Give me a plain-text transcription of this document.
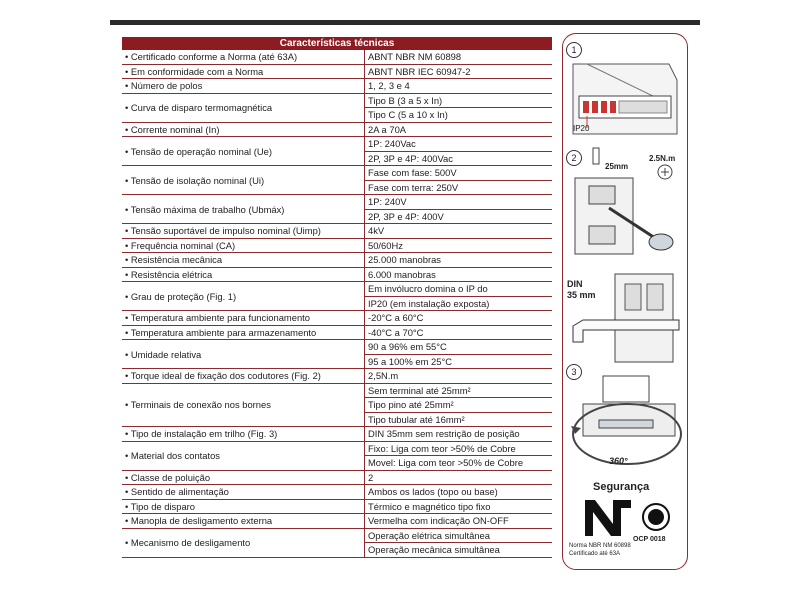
Características técnicas	
• Certificado conforme a Norma (até 63A)	ABNT NBR NM 60898
• Em conformidade com a Norma	ABNT NBR IEC 60947-2
• Número de polos	1, 2, 3 e 4
• Curva de disparo termomagnética	Tipo B (3 a 5 x In)
	Tipo C (5 a 10 x In)
• Corrente nominal (In)	2A a 70A
• Tensão de operação nominal (Ue)	1P: 240Vac
	2P, 3P e 4P: 400Vac
• Tensão de isolação nominal (Ui)	Fase com fase: 500V
	Fase com terra: 250V
• Tensão máxima de trabalho (Ubmáx)	1P: 240V
	2P, 3P e 4P: 400V
• Tensão suportável de impulso nominal (Uimp)	4kV
• Frequência nominal (CA)	50/60Hz
• Resistência mecânica	25.000 manobras
• Resistência elétrica	6.000 manobras
• Grau de proteção (Fig. 1)	Em invólucro domina o IP do
	IP20 (em instalação exposta)
• Temperatura ambiente para funcionamento	-20°C a 60°C
• Temperatura ambiente para armazenamento	-40°C a 70°C
• Umidade relativa	90 a 96% em 55°C
	95 a 100% em 25°C
• Torque ideal de fixação dos codutores (Fig. 2)	2,5N.m
• Terminais de conexão nos bornes	Sem terminal até 25mm²
	Tipo pino até 25mm²
	Tipo tubular até 16mm²
• Tipo de instalação em trilho (Fig. 3)	DIN 35mm sem restrição de posição
• Material dos contatos	Fixo: Liga com teor >50% de Cobre
	Movel: Liga com teor >50% de Cobre
• Classe de poluição	2
• Sentido de alimentação	Ambos os lados (topo ou base)
• Tipo de disparo	Térmico e magnético tipo fixo
• Manopla de desligamento externa	Vermelha com indicação ON-OFF
• Mecanismo de desligamento	Operação elétrica simultânea
	Operação mecânica simultânea
1
IP20
2
25mm
2.5N.m
DIN
35 mm
3
360°
Segurança
OCP 0018
Norma NBR NM 60898
Certificado até 63A
